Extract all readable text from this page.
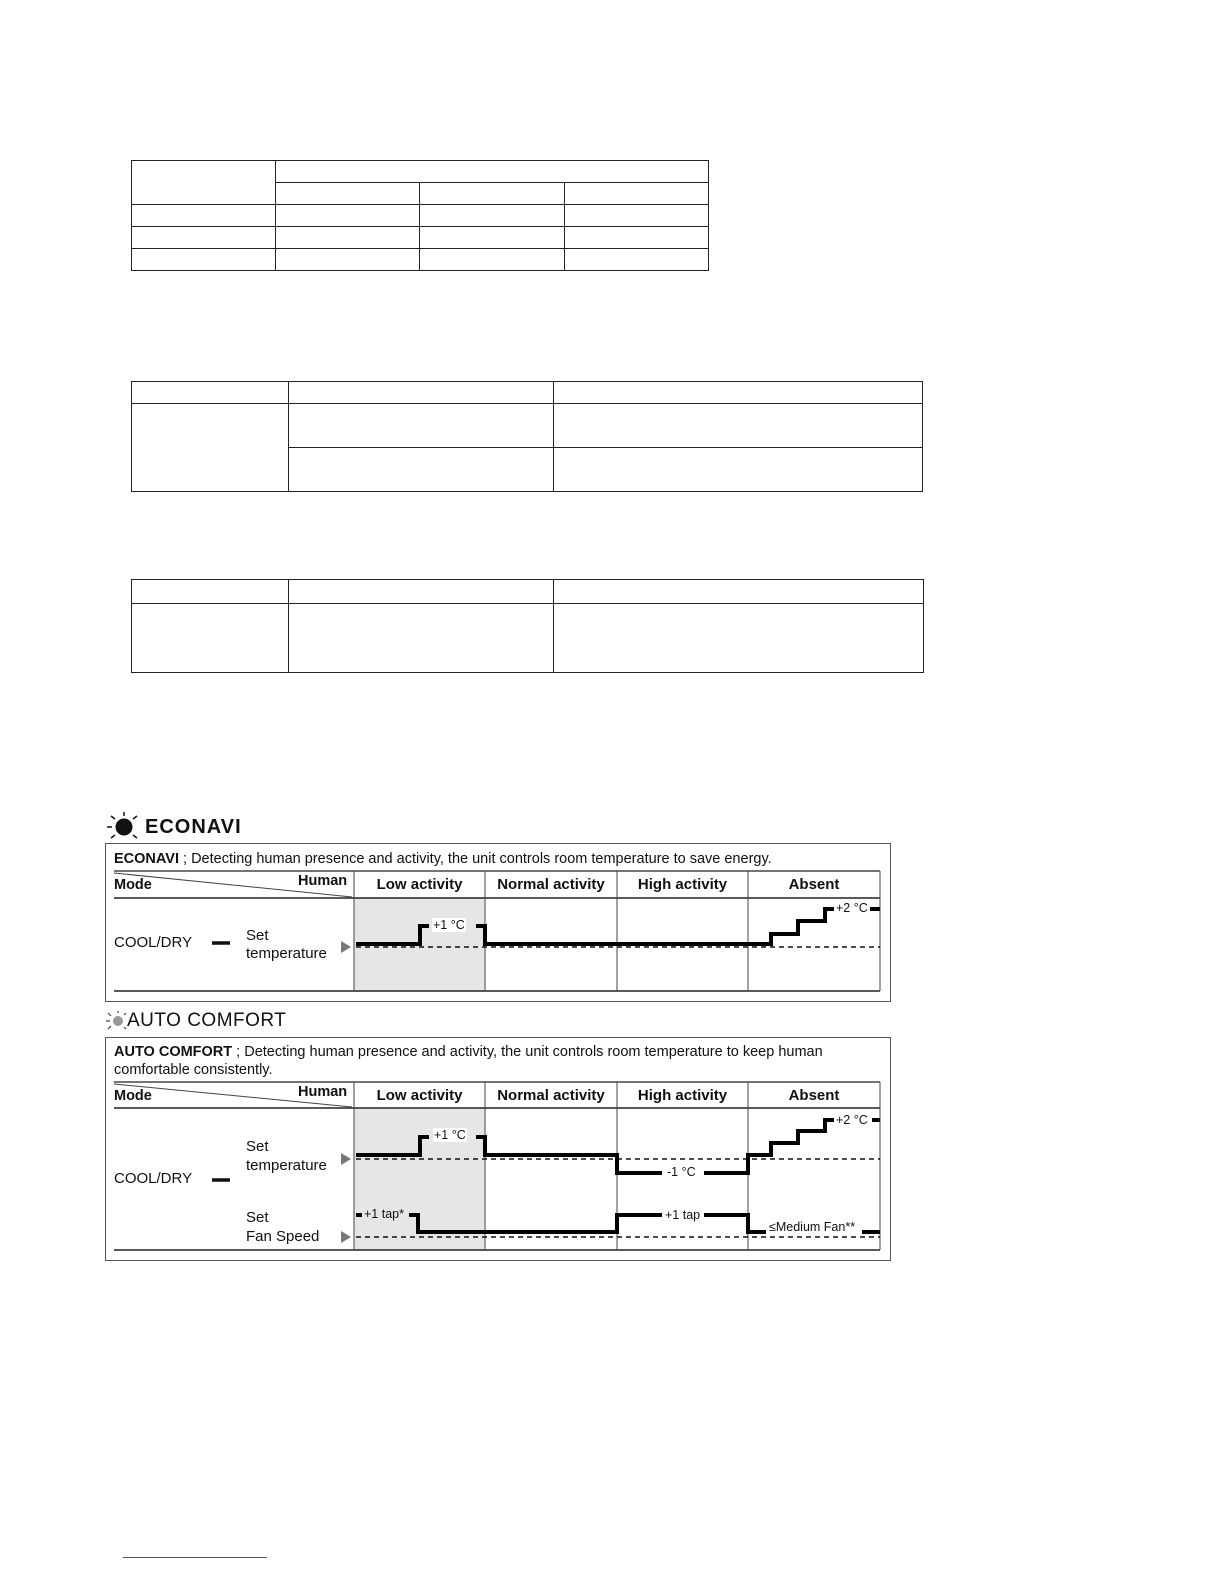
ECONAVI
ECONAVI ; Detecting human presence and activity, the unit controls room temperature to save energy.
Mode	Human	Low activity	Normal activity	High activity	Absent
COOL/DRY	Set
temperature
+1 °C
+2 °C
AUTO COMFORT
AUTO COMFORT ; Detecting human presence and activity, the unit controls room temperature to keep human
comfortable consistently.
Mode	Human	Low activity	Normal activity	High activity	Absent
COOL/DRY
Set
temperature
Set
Fan Speed
+1 °C
-1 °C
+2 °C
+1 tap*	+1 tap
≤Medium Fan**
